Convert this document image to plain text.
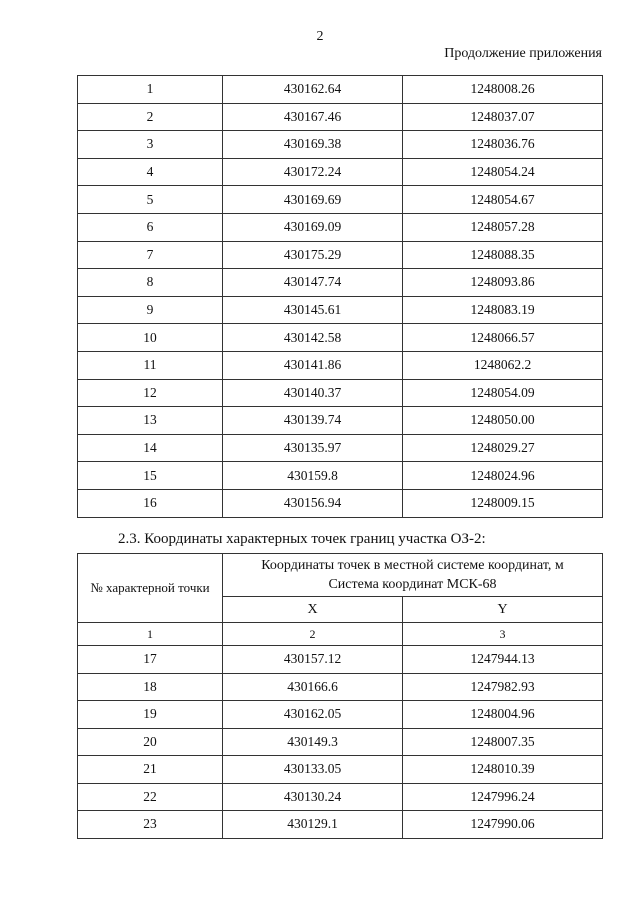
2
Продолжение приложения
1	430162.64	1248008.26
2	430167.46	1248037.07
3	430169.38	1248036.76
4	430172.24	1248054.24
5	430169.69	1248054.67
6	430169.09	1248057.28
7	430175.29	1248088.35
8	430147.74	1248093.86
9	430145.61	1248083.19
10	430142.58	1248066.57
11	430141.86	1248062.2
12	430140.37	1248054.09
13	430139.74	1248050.00
14	430135.97	1248029.27
15	430159.8	1248024.96
16	430156.94	1248009.15
2.3. Координаты характерных точек границ участка ОЗ-2:
№ характерной точки	Координаты точек в местной системе координат, м
Система координат МСК-68	
	X	Y
1	2	3
17	430157.12	1247944.13
18	430166.6	1247982.93
19	430162.05	1248004.96
20	430149.3	1248007.35
21	430133.05	1248010.39
22	430130.24	1247996.24
23	430129.1	1247990.06
